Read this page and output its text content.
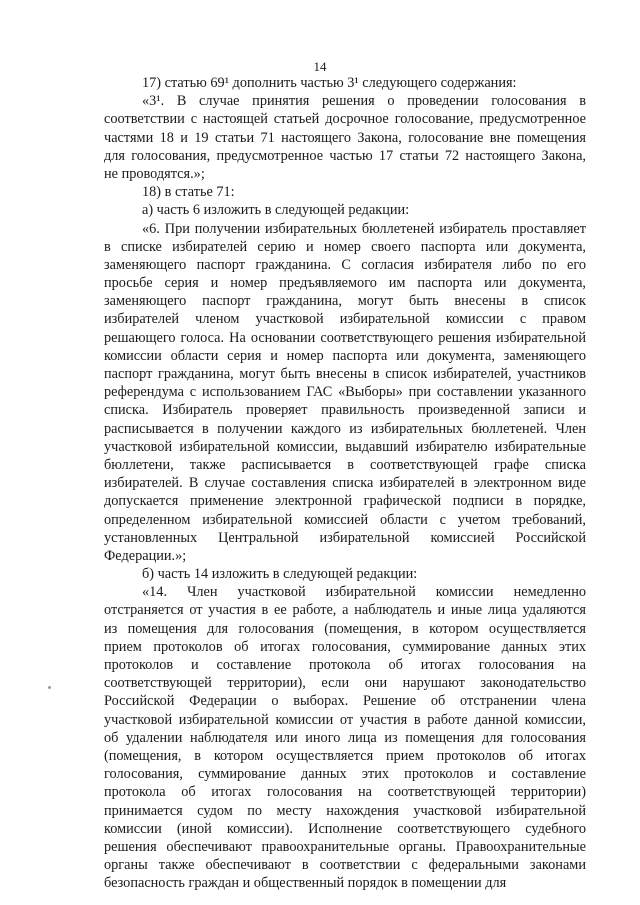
14
17) статью 69¹ дополнить частью 3¹ следующего содержания:
«3¹. В случае принятия решения о проведении голосования в
соответствии с настоящей статьей досрочное голосование, предусмотренное
частями 18 и 19 статьи 71 настоящего Закона, голосование вне помещения
для голосования, предусмотренное частью 17 статьи 72 настоящего Закона,
не проводятся.»;
18) в статье 71:
а) часть 6 изложить в следующей редакции:
«6. При получении избирательных бюллетеней избиратель проставляет
в списке избирателей серию и номер своего паспорта или документа,
заменяющего паспорт гражданина. С согласия избирателя либо по его
просьбе серия и номер предъявляемого им паспорта или документа,
заменяющего паспорт гражданина, могут быть внесены в список
избирателей членом участковой избирательной комиссии с правом
решающего голоса. На основании соответствующего решения избирательной
комиссии области серия и номер паспорта или документа, заменяющего
паспорт гражданина, могут быть внесены в список избирателей, участников
референдума с использованием ГАС «Выборы» при составлении указанного
списка. Избиратель проверяет правильность произведенной записи и
расписывается в получении каждого из избирательных бюллетеней. Член
участковой избирательной комиссии, выдавший избирателю избирательные
бюллетени, также расписывается в соответствующей графе списка
избирателей. В случае составления списка избирателей в электронном виде
допускается применение электронной графической подписи в порядке,
определенном избирательной комиссией области с учетом требований,
установленных Центральной избирательной комиссией Российской
Федерации.»;
б) часть 14 изложить в следующей редакции:
«14. Член участковой избирательной комиссии немедленно
отстраняется от участия в ее работе, а наблюдатель и иные лица удаляются
из помещения для голосования (помещения, в котором осуществляется
прием протоколов об итогах голосования, суммирование данных этих
протоколов и составление протокола об итогах голосования на
соответствующей территории), если они нарушают законодательство
Российской Федерации о выборах. Решение об отстранении члена
участковой избирательной комиссии от участия в работе данной комиссии,
об удалении наблюдателя или иного лица из помещения для голосования
(помещения, в котором осуществляется прием протоколов об итогах
голосования, суммирование данных этих протоколов и составление
протокола об итогах голосования на соответствующей территории)
принимается судом по месту нахождения участковой избирательной
комиссии (иной комиссии). Исполнение соответствующего судебного
решения обеспечивают правоохранительные органы. Правоохранительные
органы также обеспечивают в соответствии с федеральными законами
безопасность граждан и общественный порядок в помещении для
